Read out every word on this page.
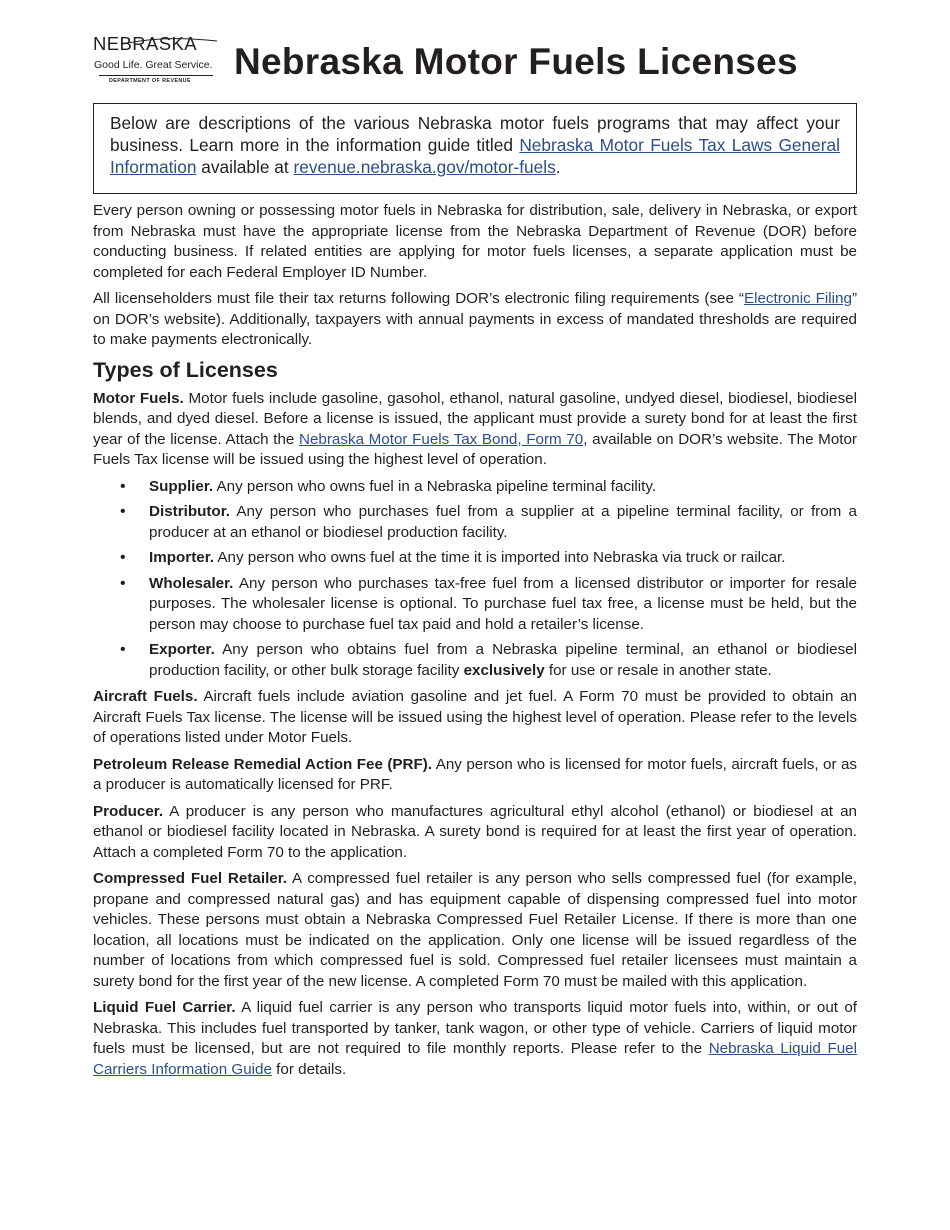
NEBRASKA
Good Life. Great Service.
DEPARTMENT OF REVENUE Nebraska Motor Fuels Licenses

Below are descriptions of the various Nebraska motor fuels programs that may affect your business. Learn more in the information guide titled Nebraska Motor Fuels Tax Laws General Information available at revenue.nebraska.gov/motor-fuels.

Every person owning or possessing motor fuels in Nebraska for distribution, sale, delivery in Nebraska, or export from Nebraska must have the appropriate license from the Nebraska Department of Revenue (DOR) before conducting business. If related entities are applying for motor fuels licenses, a separate application must be completed for each Federal Employer ID Number.

All licenseholders must file their tax returns following DOR’s electronic filing requirements (see “Electronic Filing” on DOR’s website). Additionally, taxpayers with annual payments in excess of mandated thresholds are required to make payments electronically.

Types of Licenses

Motor Fuels. Motor fuels include gasoline, gasohol, ethanol, natural gasoline, undyed diesel, biodiesel, biodiesel blends, and dyed diesel. Before a license is issued, the applicant must provide a surety bond for at least the first year of the license. Attach the Nebraska Motor Fuels Tax Bond, Form 70, available on DOR’s website. The Motor Fuels Tax license will be issued using the highest level of operation.

• Supplier. Any person who owns fuel in a Nebraska pipeline terminal facility.
• Distributor. Any person who purchases fuel from a supplier at a pipeline terminal facility, or from a producer at an ethanol or biodiesel production facility.
• Importer. Any person who owns fuel at the time it is imported into Nebraska via truck or railcar.
• Wholesaler. Any person who purchases tax-free fuel from a licensed distributor or importer for resale purposes. The wholesaler license is optional. To purchase fuel tax free, a license must be held, but the person may choose to purchase fuel tax paid and hold a retailer’s license.
• Exporter. Any person who obtains fuel from a Nebraska pipeline terminal, an ethanol or biodiesel production facility, or other bulk storage facility exclusively for use or resale in another state.

Aircraft Fuels. Aircraft fuels include aviation gasoline and jet fuel. A Form 70 must be provided to obtain an Aircraft Fuels Tax license. The license will be issued using the highest level of operation. Please refer to the levels of operations listed under Motor Fuels.

Petroleum Release Remedial Action Fee (PRF). Any person who is licensed for motor fuels, aircraft fuels, or as a producer is automatically licensed for PRF.

Producer. A producer is any person who manufactures agricultural ethyl alcohol (ethanol) or biodiesel at an ethanol or biodiesel facility located in Nebraska. A surety bond is required for at least the first year of operation. Attach a completed Form 70 to the application.

Compressed Fuel Retailer. A compressed fuel retailer is any person who sells compressed fuel (for example, propane and compressed natural gas) and has equipment capable of dispensing compressed fuel into motor vehicles. These persons must obtain a Nebraska Compressed Fuel Retailer License. If there is more than one location, all locations must be indicated on the application. Only one license will be issued regardless of the number of locations from which compressed fuel is sold. Compressed fuel retailer licensees must maintain a surety bond for the first year of the new license. A completed Form 70 must be mailed with this application.

Liquid Fuel Carrier. A liquid fuel carrier is any person who transports liquid motor fuels into, within, or out of Nebraska. This includes fuel transported by tanker, tank wagon, or other type of vehicle. Carriers of liquid motor fuels must be licensed, but are not required to file monthly reports. Please refer to the Nebraska Liquid Fuel Carriers Information Guide for details.
